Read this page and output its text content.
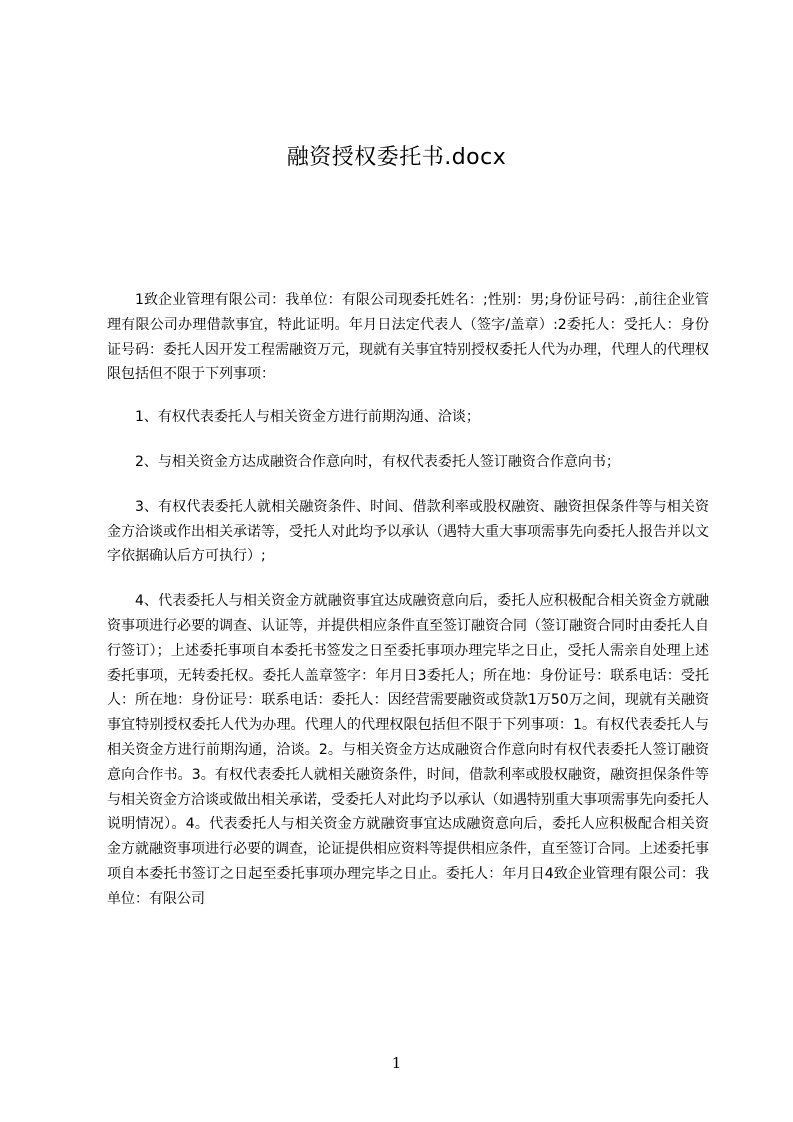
融资授权委托书.docx

1致企业管理有限公司：我单位：有限公司现委托姓名：;性别：男;身份证号码：,前往企业管理有限公司办理借款事宜，特此证明。年月日法定代表人（签字/盖章）:2委托人：受托人：身份证号码：委托人因开发工程需融资万元，现就有关事宜特别授权委托人代为办理，代理人的代理权限包括但不限于下列事项：

1、有权代表委托人与相关资金方进行前期沟通、洽谈；

2、与相关资金方达成融资合作意向时，有权代表委托人签订融资合作意向书；

3、有权代表委托人就相关融资条件、时间、借款利率或股权融资、融资担保条件等与相关资金方洽谈或作出相关承诺等，受托人对此均予以承认（遇特大重大事项需事先向委托人报告并以文字依据确认后方可执行）;

4、代表委托人与相关资金方就融资事宜达成融资意向后，委托人应积极配合相关资金方就融资事项进行必要的调查、认证等，并提供相应条件直至签订融资合同（签订融资合同时由委托人自行签订）；上述委托事项自本委托书签发之日至委托事项办理完毕之日止，受托人需亲自处理上述委托事项，无转委托权。委托人盖章签字：年月日3委托人；所在地：身份证号：联系电话：受托人：所在地：身份证号：联系电话：委托人：因经营需要融资或贷款1万50万之间，现就有关融资事宜特别授权委托人代为办理。代理人的代理权限包括但不限于下列事项：1。有权代表委托人与相关资金方进行前期沟通，洽谈。2。与相关资金方达成融资合作意向时有权代表委托人签订融资意向合作书。3。有权代表委托人就相关融资条件，时间，借款利率或股权融资，融资担保条件等与相关资金方洽谈或做出相关承诺，受委托人对此均予以承认（如遇特别重大事项需事先向委托人说明情况）。4。代表委托人与相关资金方就融资事宜达成融资意向后，委托人应积极配合相关资金方就融资事项进行必要的调查，论证提供相应资料等提供相应条件，直至签订合同。上述委托事项自本委托书签订之日起至委托事项办理完毕之日止。委托人：年月日4致企业管理有限公司：我单位：有限公司

1
